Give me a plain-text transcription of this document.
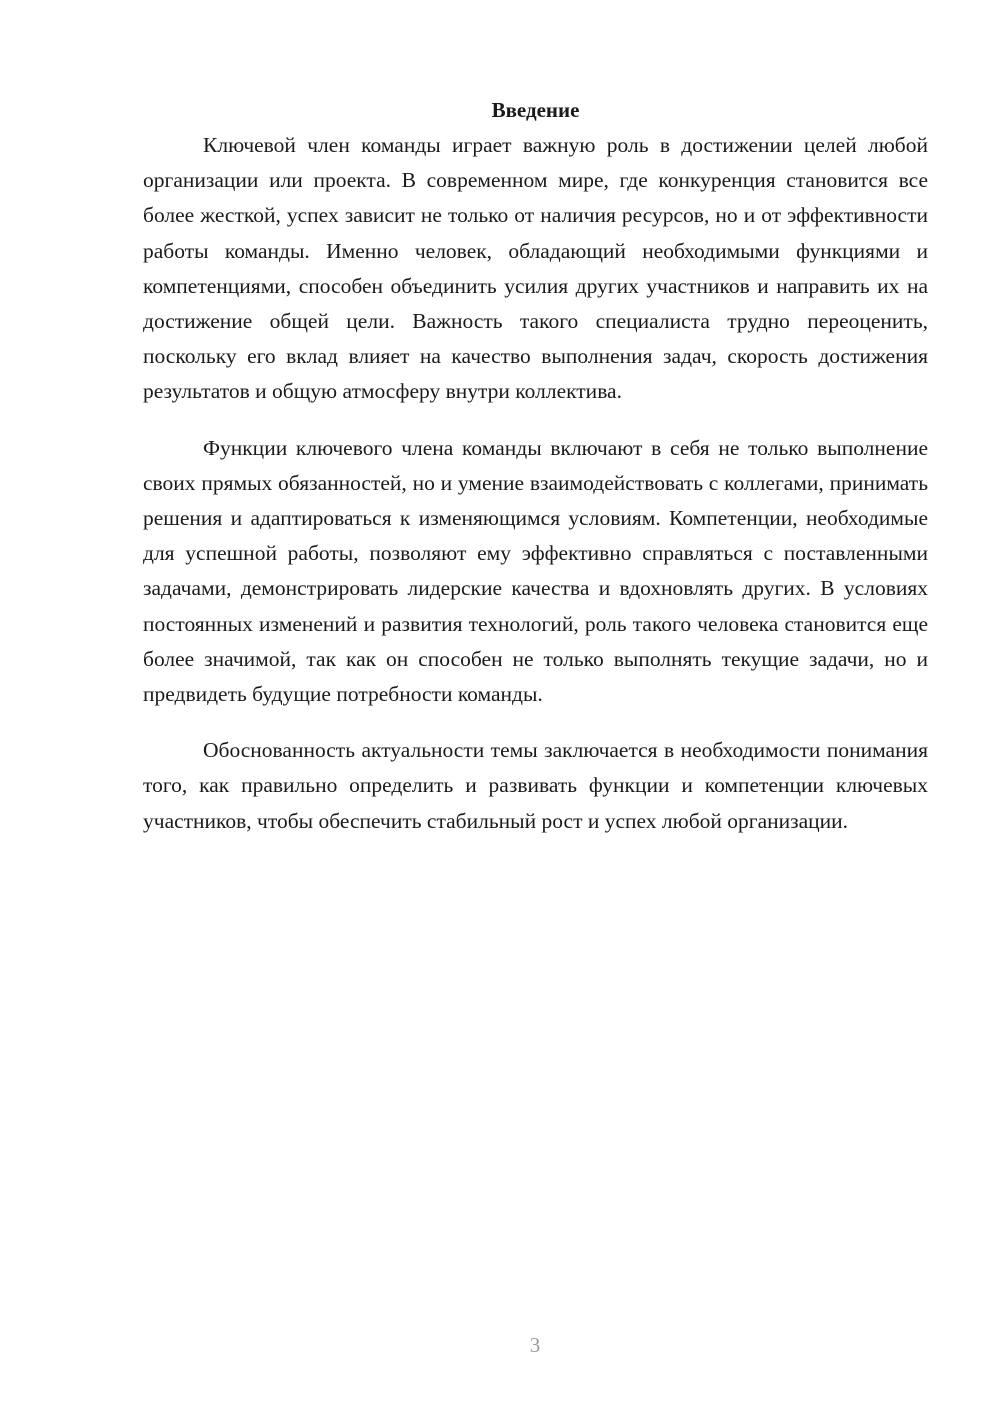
Введение

Ключевой член команды играет важную роль в достижении целей любой организации или проекта. В современном мире, где конкуренция становится все более жесткой, успех зависит не только от наличия ресурсов, но и от эффективности работы команды. Именно человек, обладающий необходимыми функциями и компетенциями, способен объединить усилия других участников и направить их на достижение общей цели. Важность такого специалиста трудно переоценить, поскольку его вклад влияет на качество выполнения задач, скорость достижения результатов и общую атмосферу внутри коллектива.

Функции ключевого члена команды включают в себя не только выполнение своих прямых обязанностей, но и умение взаимодействовать с коллегами, принимать решения и адаптироваться к изменяющимся условиям. Компетенции, необходимые для успешной работы, позволяют ему эффективно справляться с поставленными задачами, демонстрировать лидерские качества и вдохновлять других. В условиях постоянных изменений и развития технологий, роль такого человека становится еще более значимой, так как он способен не только выполнять текущие задачи, но и предвидеть будущие потребности команды.

Обоснованность актуальности темы заключается в необходимости понимания того, как правильно определить и развивать функции и компетенции ключевых участников, чтобы обеспечить стабильный рост и успех любой организации.

3
